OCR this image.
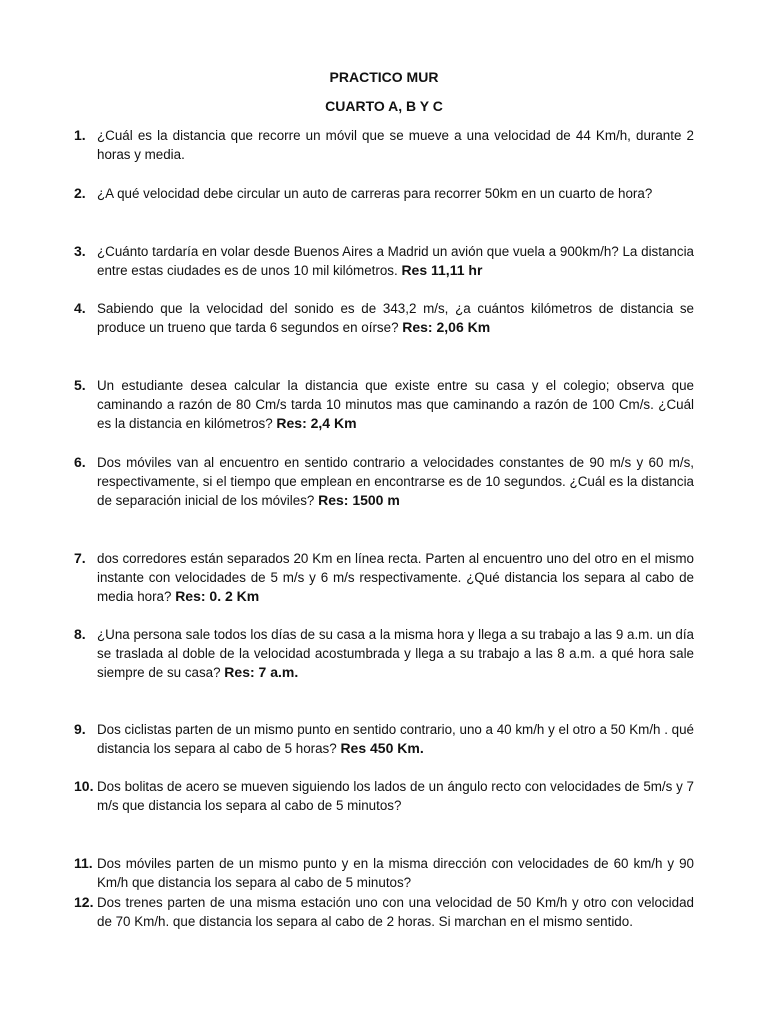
PRACTICO MUR
CUARTO A, B Y C
1. ¿Cuál es la distancia que recorre un móvil que se mueve a una velocidad de 44 Km/h, durante 2 horas y media.
2. ¿A qué velocidad debe circular un auto de carreras para recorrer 50km en un cuarto de hora?
3. ¿Cuánto tardaría en volar desde Buenos Aires a Madrid un avión que vuela a 900km/h? La distancia entre estas ciudades es de unos 10 mil kilómetros. Res 11,11 hr
4. Sabiendo que la velocidad del sonido es de 343,2 m/s, ¿a cuántos kilómetros de distancia se produce un trueno que tarda 6 segundos en oírse? Res: 2,06 Km
5. Un estudiante desea calcular la distancia que existe entre su casa y el colegio; observa que caminando a razón de 80 Cm/s tarda 10 minutos mas que caminando a razón de 100 Cm/s. ¿Cuál es la distancia en kilómetros? Res: 2,4 Km
6. Dos móviles van al encuentro en sentido contrario a velocidades constantes de 90 m/s y 60 m/s, respectivamente, si el tiempo que emplean en encontrarse es de 10 segundos. ¿Cuál es la distancia de separación inicial de los móviles? Res: 1500 m
7. dos corredores están separados 20 Km en línea recta. Parten al encuentro uno del otro en el mismo instante con velocidades de 5 m/s y 6 m/s respectivamente. ¿Qué distancia los separa al cabo de media hora? Res: 0. 2 Km
8. ¿Una persona sale todos los días de su casa a la misma hora y llega a su trabajo a las 9 a.m. un día se traslada al doble de la velocidad acostumbrada y llega a su trabajo a las 8 a.m. a qué hora sale siempre de su casa? Res: 7 a.m.
9. Dos ciclistas parten de un mismo punto en sentido contrario, uno a 40 km/h y el otro a 50 Km/h . qué distancia los separa al cabo de 5 horas? Res 450 Km.
10. Dos bolitas de acero se mueven siguiendo los lados de un ángulo recto con velocidades de 5m/s y 7 m/s que distancia los separa al cabo de 5 minutos?
11. Dos móviles parten de un mismo punto y en la misma dirección con velocidades de 60 km/h y 90 Km/h que distancia los separa al cabo de 5 minutos?
12. Dos trenes parten de una misma estación uno con una velocidad de 50 Km/h y otro con velocidad de 70 Km/h. que distancia los separa al cabo de 2 horas. Si marchan en el mismo sentido.
